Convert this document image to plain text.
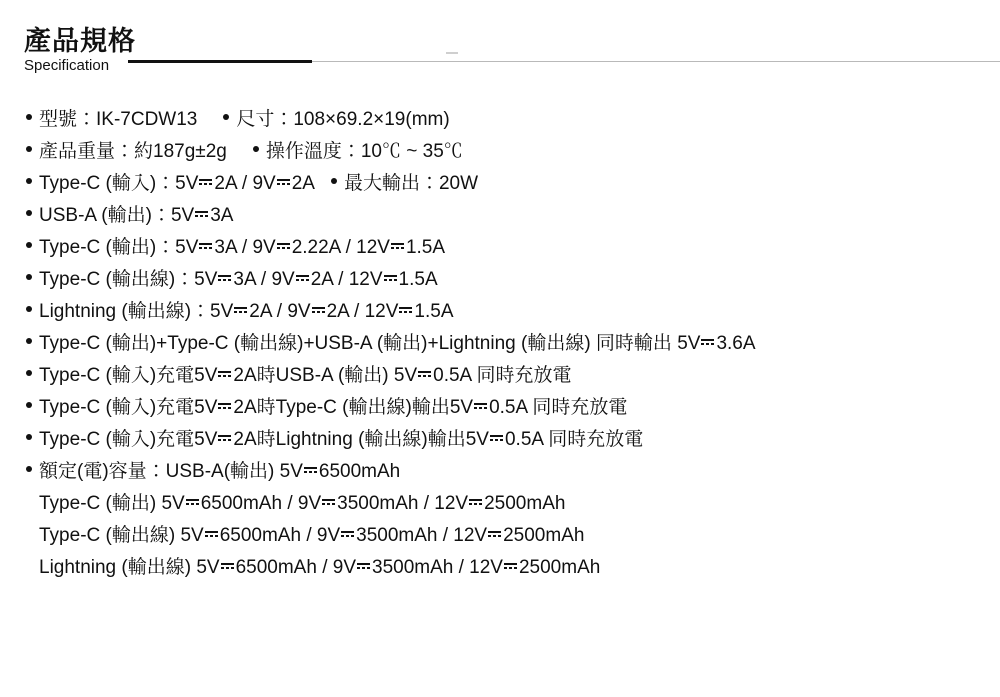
產品規格
Specification
型號：IK-7CDW13 尺寸：108×69.2×19(mm)
產品重量：約187g±2g 操作溫度：10℃ ~ 35℃
Type-C (輸入)：5V 2A / 9V 2A 最大輸出：20W
USB-A (輸出)：5V 3A
Type-C (輸出)：5V 3A / 9V 2.22A / 12V 1.5A
Type-C (輸出線)：5V 3A / 9V 2A / 12V 1.5A
Lightning (輸出線)：5V 2A / 9V 2A / 12V 1.5A
Type-C (輸出)+Type-C (輸出線)+USB-A (輸出)+Lightning (輸出線) 同時輸出 5V 3.6A
Type-C (輸入)充電5V 2A時USB-A (輸出) 5V 0.5A 同時充放電
Type-C (輸入)充電5V 2A時Type-C (輸出線)輸出5V 0.5A 同時充放電
Type-C (輸入)充電5V 2A時Lightning (輸出線)輸出5V 0.5A 同時充放電
額定(電)容量：USB-A(輸出) 5V 6500mAh
Type-C (輸出) 5V 6500mAh / 9V 3500mAh / 12V 2500mAh
Type-C (輸出線) 5V 6500mAh / 9V 3500mAh / 12V 2500mAh
Lightning (輸出線) 5V 6500mAh / 9V 3500mAh / 12V 2500mAh
